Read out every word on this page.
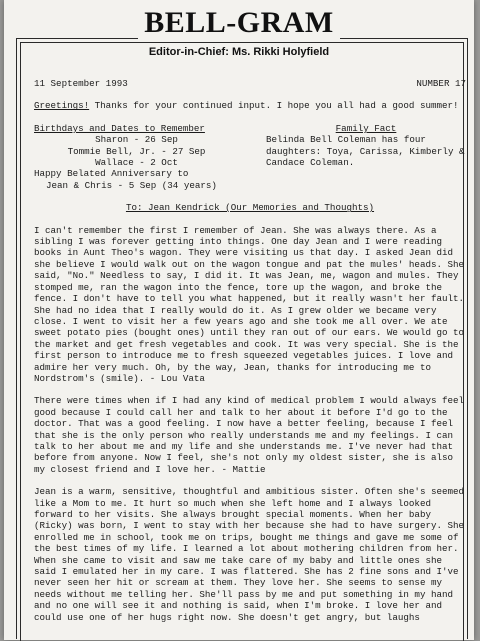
BELL-GRAM
Editor-in-Chief: Ms. Rikki Holyfield
11 September 1993	NUMBER 17

Greetings! Thanks for your continued input. I hope you all had a good summer!

Birthdays and Dates to Remember
Sharon - 26 Sep
Tommie Bell, Jr. - 27 Sep
Wallace - 2 Oct
Happy Belated Anniversary to
Jean & Chris - 5 Sep (34 years)
Family Fact

Belinda Bell Coleman has four daughters: Toya, Carissa, Kimberly & Candace Coleman.

To: Jean Kendrick (Our Memories and Thoughts)

I can't remember the first I remember of Jean. She was always there. As a sibling I was forever getting into things. One day Jean and I were reading books in Aunt Theo's wagon. They were visiting us that day. I asked Jean did she believe I would walk out on the wagon tongue and pat the mules' heads. She said, "No." Needless to say, I did it. It was Jean, me, wagon and mules. They stomped me, ran the wagon into the fence, tore up the wagon, and broke the fence. I don't have to tell you what happened, but it really wasn't her fault. She had no idea that I really would do it. As I grew older we became very close. I went to visit her a few years ago and she took me all over. We ate sweet potato pies (bought ones) until they ran out of our ears. We would go to the market and get fresh vegetables and cook. It was very special. She is the first person to introduce me to fresh squeezed vegetables juices. I love and admire her very much. Oh, by the way, Jean, thanks for introducing me to Nordstrom's (smile). - Lou Vata

There were times when if I had any kind of medical problem I would always feel good because I could call her and talk to her about it before I'd go to the doctor. That was a good feeling. I now have a better feeling, because I feel that she is the only person who really understands me and my feelings. I can talk to her about me and my life and she understands me. I've never had that before from anyone. Now I feel, she's not only my oldest sister, she is also my closest friend and I love her. - Mattie

Jean is a warm, sensitive, thoughtful and ambitious sister. Often she's seemed like a Mom to me. It hurt so much when she left home and I always looked forward to her visits. She always brought special moments. When her baby (Ricky) was born, I went to stay with her because she had to have surgery. She enrolled me in school, took me on trips, bought me things and gave me some of the best times of my life. I learned a lot about mothering children from her. When she came to visit and saw me take care of my baby and little ones she said I emulated her in my care. I was flattered. She has 2 fine sons and I've never seen her hit or scream at them. They love her. She seems to sense my needs without me telling her. She'll pass by me and put something in my hand and no one will see it and nothing is said, when I'm broke. I love her and could use one of her hugs right now. She doesn't get angry, but laughs
